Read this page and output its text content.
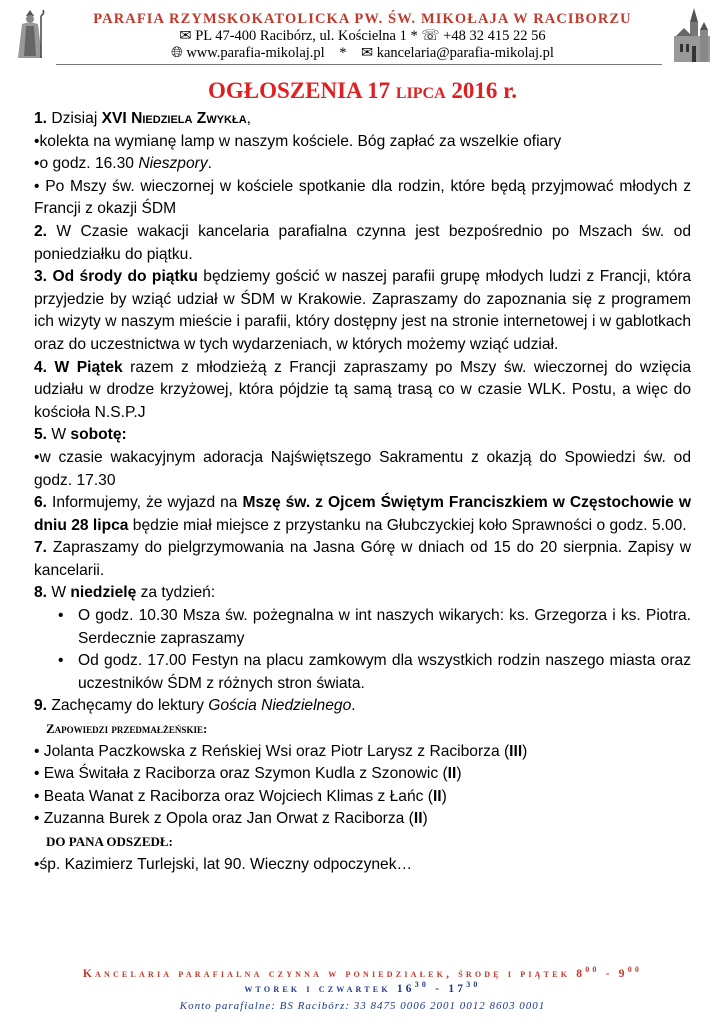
PARAFIA RZYMSKOKATOLICKA PW. ŚW. MIKOŁAJA W RACIBORZU
✉ PL 47-400 Racibórz, ul. Kościelna 1 * ☏ +48 32 415 22 56
🌐︎ www.parafia-mikolaj.pl * ✉ kancelaria@parafia-mikolaj.pl
OGŁOSZENIA 17 lipca 2016 r.

1. Dzisiaj XVI Niedziela Zwykła,

•kolekta na wymianę lamp w naszym kościele. Bóg zapłać za wszelkie ofiary

•o godz. 16.30 Nieszpory.

• Po Mszy św. wieczornej w kościele spotkanie dla rodzin, które będą przyjmować młodych z Francji z okazji ŚDM

2. W Czasie wakacji kancelaria parafialna czynna jest bezpośrednio po Mszach św. od poniedziałku do piątku.

3. Od środy do piątku będziemy gościć w naszej parafii grupę młodych ludzi z Francji, która przyjedzie by wziąć udział w ŚDM w Krakowie. Zapraszamy do zapoznania się z programem ich wizyty w naszym mieście i parafii, który dostępny jest na stronie internetowej i w gablotkach oraz do uczestnictwa w tych wydarzeniach, w których możemy wziąć udział.

4. W Piątek razem z młodzieżą z Francji zapraszamy po Mszy św. wieczornej do wzięcia udziału w drodze krzyżowej, która pójdzie tą samą trasą co w czasie WLK. Postu, a więc do kościoła N.S.P.J

5. W sobotę:

•w czasie wakacyjnym adoracja Najświętszego Sakramentu z okazją do Spowiedzi św. od godz. 17.30

6. Informujemy, że wyjazd na Mszę św. z Ojcem Świętym Franciszkiem w Częstochowie w dniu 28 lipca będzie miał miejsce z przystanku na Głubczyckiej koło Sprawności o godz. 5.00.

7. Zapraszamy do pielgrzymowania na Jasna Górę w dniach od 15 do 20 sierpnia. Zapisy w kancelarii.

8. W niedzielę za tydzień:

• O godz. 10.30 Msza św. pożegnalna w int naszych wikarych: ks. Grzegorza i ks. Piotra. Serdecznie zapraszamy
• Od godz. 17.00 Festyn na placu zamkowym dla wszystkich rodzin naszego miasta oraz uczestników ŚDM z różnych stron świata.

9. Zachęcamy do lektury Gościa Niedzielnego.

Zapowiedzi przedmałżeńskie:

• Jolanta Paczkowska z Reńskiej Wsi oraz Piotr Larysz z Raciborza (III)

• Ewa Świtała z Raciborza oraz Szymon Kudla z Szonowic (II)

• Beata Wanat z Raciborza oraz Wojciech Klimas z Łańc (II)

• Zuzanna Burek z Opola oraz Jan Orwat z Raciborza (II)

DO PANA ODSZEDŁ:

•śp. Kazimierz Turlejski, lat 90. Wieczny odpoczynek…

Kancelaria parafialna czynna w poniedziałek, środę i piątek $8^{00} - 9^{00}$
wtorek i czwartek $16^{30} - 17^{30}$
Konto parafialne: BS Racibórz: 33 8475 0006 2001 0012 8603 0001
